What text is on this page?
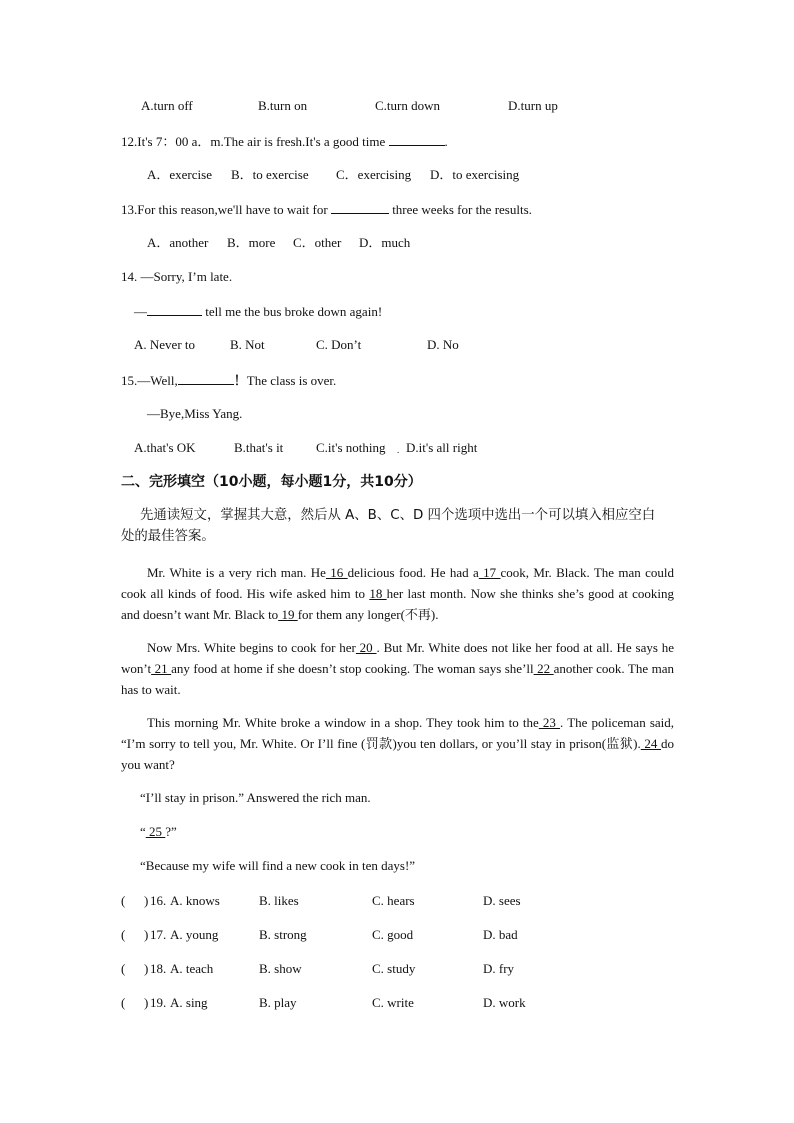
A.turn off	B.turn on	C.turn down	D.turn up
12.It's 7：00 a．m.The air is fresh.It's a good time	.
A．exercise B．to exercise C．exercising D．to exercising
13.For this reason,we'll have to wait for	three weeks for the results.
A．another B．more C．other D．much
14. —Sorry, I’m late.
—	tell me the bus broke down again!
A. Never to	B. Not	C. Don’t	D. No
15.—Well,	！The class is over.
—Bye,Miss Yang.
A.that's OK	B.that's it	C.it's nothing . D.it's all right
二、完形填空（10小题，每小题1分，共10分）
先通读短文，掌握其大意，然后从 A、B、C、D 四个选项中选出一个可以填入相应空白
处的最佳答案。

Mr. White is a very rich man. He 16 delicious food. He had a 17 cook, Mr. Black. The man could cook all kinds of food. His wife asked him to 18 her last month. Now she thinks she’s good at cooking and doesn’t want Mr. Black to 19 for them any longer(不再).

Now Mrs. White begins to cook for her 20 . But Mr. White does not like her food at all. He says he won’t 21 any food at home if she doesn’t stop cooking. The woman says she’ll 22 another cook. The man has to wait.

This morning Mr. White broke a window in a shop. They took him to the 23 . The policeman said, “I’m sorry to tell you, Mr. White. Or I’ll fine (罚款)you ten dollars, or you’ll stay in prison(监狱). 24 do you want?

“I’ll stay in prison.” Answered the rich man.
“ 25 ?”
“Because my wife will find a new cook in ten days!”
( ) 16. A. knows	B. likes	C. hears	D. sees
( ) 17. A. young	B. strong	C. good	D. bad
( ) 18. A. teach	B. show	C. study	D. fry
( ) 19. A. sing	B. play	C. write	D. work
